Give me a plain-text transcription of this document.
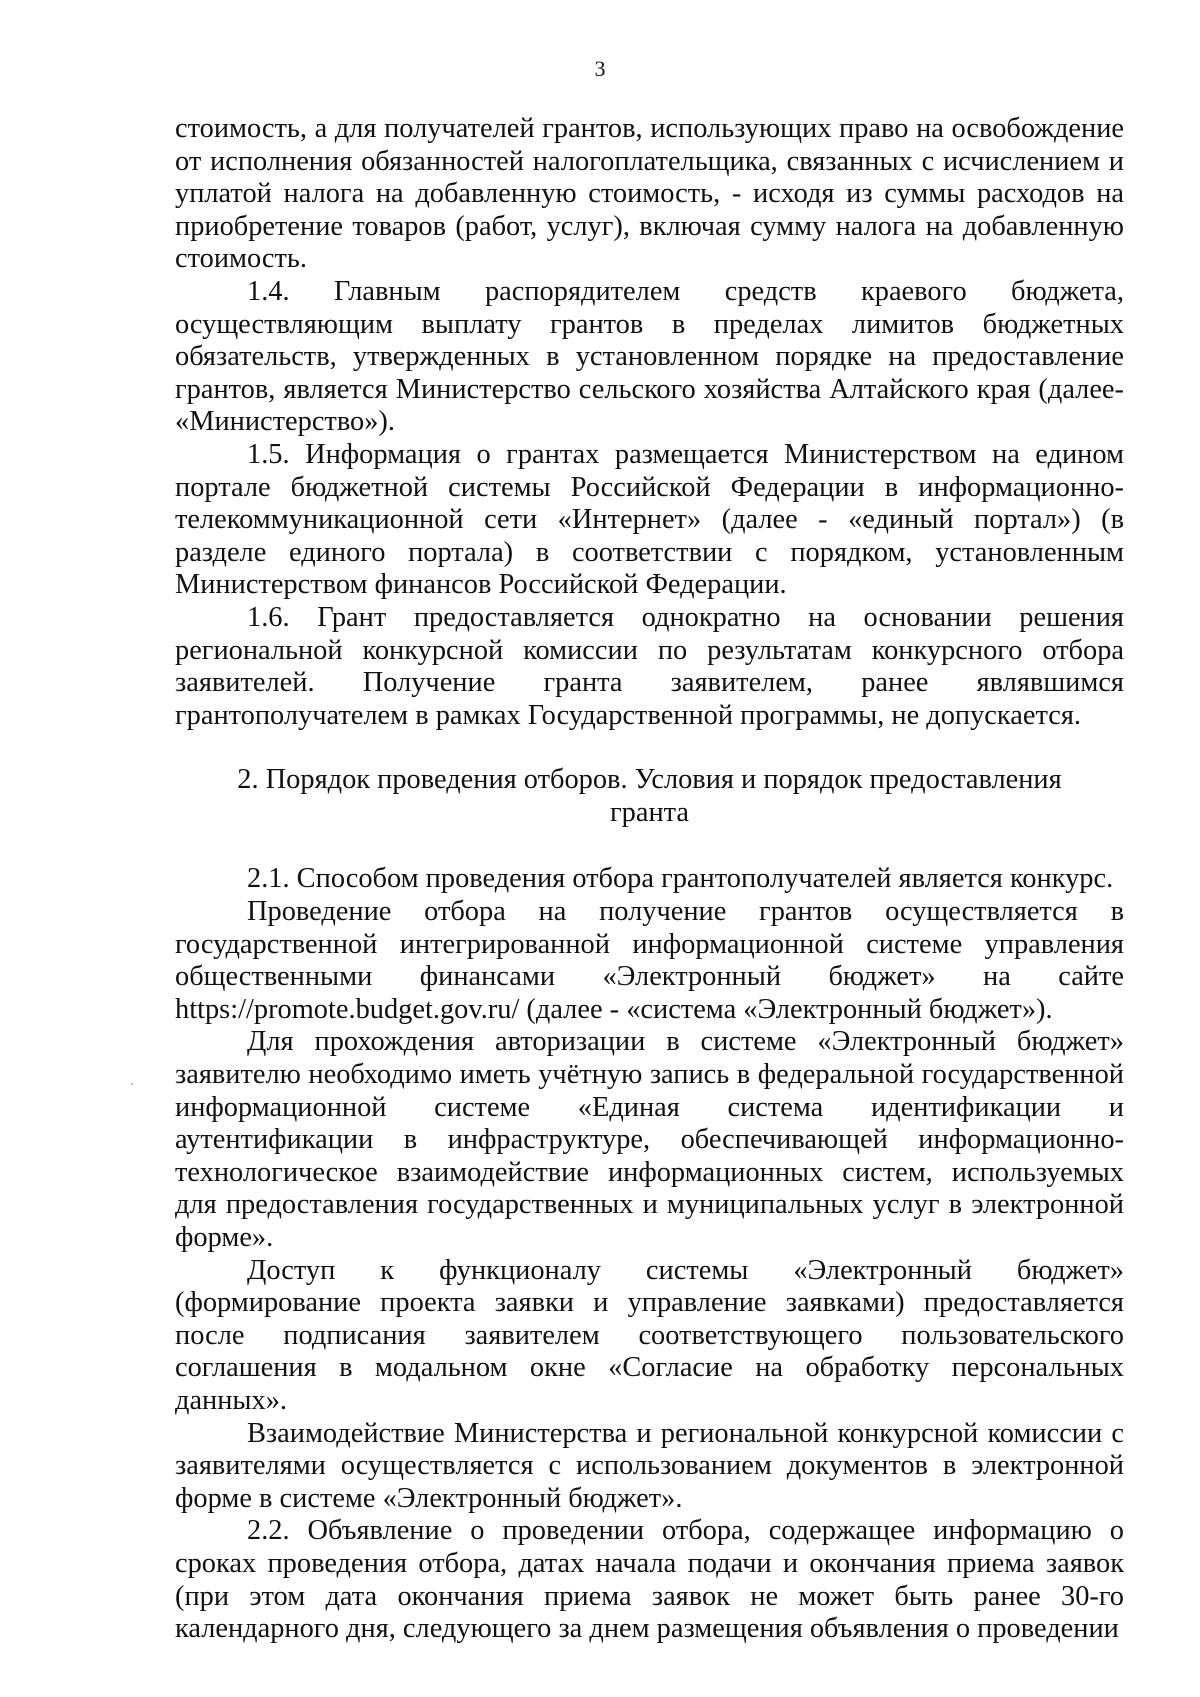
3

стоимость, а для получателей грантов, использующих право на освобождение от исполнения обязанностей налогоплательщика, связанных с исчислением и уплатой налога на добавленную стоимость, - исходя из суммы расходов на приобретение товаров (работ, услуг), включая сумму налога на добавленную стоимость.

1.4. Главным распорядителем средств краевого бюджета, осуществляющим выплату грантов в пределах лимитов бюджетных обязательств, утвержденных в установленном порядке на предоставление грантов, является Министерство сельского хозяйства Алтайского края (далее- «Министерство»).

1.5. Информация о грантах размещается Министерством на едином портале бюджетной системы Российской Федерации в информационно-телекоммуникационной сети «Интернет» (далее - «единый портал») (в разделе единого портала) в соответствии с порядком, установленным Министерством финансов Российской Федерации.

1.6. Грант предоставляется однократно на основании решения региональной конкурсной комиссии по результатам конкурсного отбора заявителей. Получение гранта заявителем, ранее являвшимся грантополучателем в рамках Государственной программы, не допускается.

2. Порядок проведения отборов. Условия и порядок предоставления
гранта

2.1. Способом проведения отбора грантополучателей является конкурс.

Проведение отбора на получение грантов осуществляется в государственной интегрированной информационной системе управления общественными финансами «Электронный бюджет» на сайте https://promote.budget.gov.ru/ (далее - «система «Электронный бюджет»).

Для прохождения авторизации в системе «Электронный бюджет» заявителю необходимо иметь учётную запись в федеральной государственной информационной системе «Единая система идентификации и аутентификации в инфраструктуре, обеспечивающей информационно-технологическое взаимодействие информационных систем, используемых для предоставления государственных и муниципальных услуг в электронной форме».

Доступ к функционалу системы «Электронный бюджет» (формирование проекта заявки и управление заявками) предоставляется после подписания заявителем соответствующего пользовательского соглашения в модальном окне «Согласие на обработку персональных данных».

Взаимодействие Министерства и региональной конкурсной комиссии с заявителями осуществляется с использованием документов в электронной форме в системе «Электронный бюджет».

2.2. Объявление о проведении отбора, содержащее информацию о сроках проведения отбора, датах начала подачи и окончания приема заявок (при этом дата окончания приема заявок не может быть ранее 30-го календарного дня, следующего за днем размещения объявления о проведении
